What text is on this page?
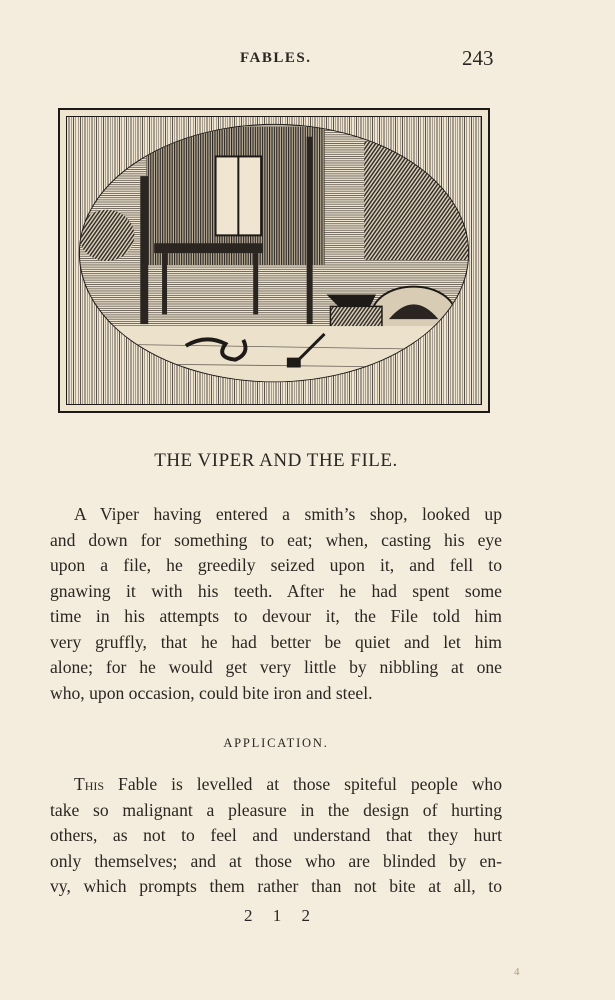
FABLES.	243
THE VIPER AND THE FILE.
A Viper having entered a smith’s shop, looked up
and down for something to eat; when, casting his eye
upon a file, he greedily seized upon it, and fell to
gnawing it with his teeth. After he had spent some
time in his attempts to devour it, the File told him
very gruffly, that he had better be quiet and let him
alone; for he would get very little by nibbling at one
who, upon occasion, could bite iron and steel.
APPLICATION.
This Fable is levelled at those spiteful people who
take so malignant a pleasure in the design of hurting
others, as not to feel and understand that they hurt
only themselves; and at those who are blinded by en-
vy, which prompts them rather than not bite at all, to
2 1 2
4
